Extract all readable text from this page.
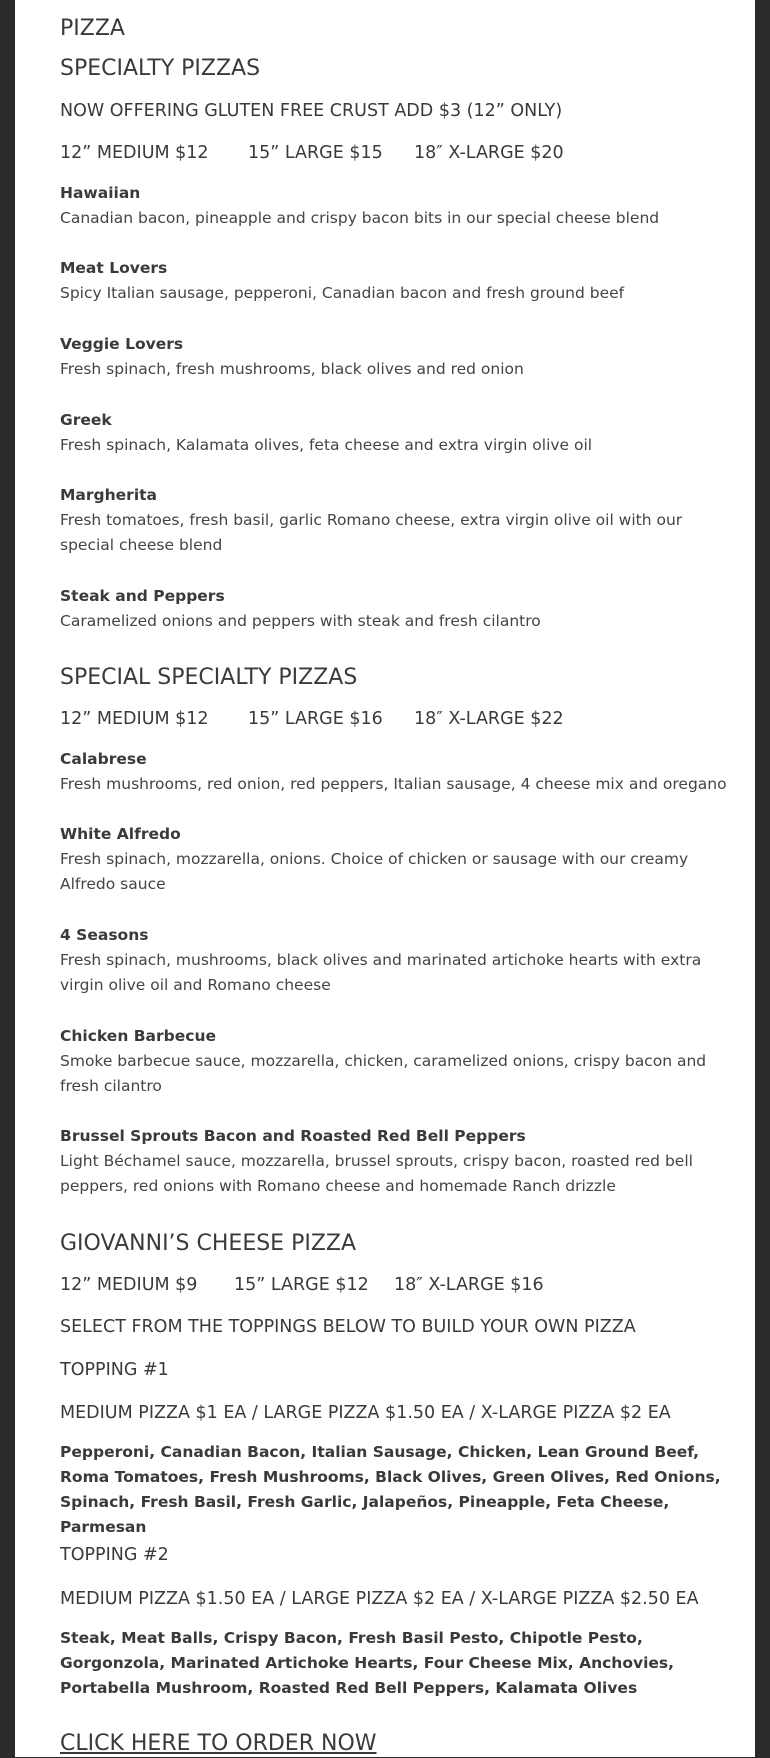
PIZZA
SPECIALTY PIZZAS
NOW OFFERING GLUTEN FREE CRUST ADD $3 (12” ONLY)
12” MEDIUM $12 15” LARGE $15 18″ X-LARGE $20
Hawaiian
Canadian bacon, pineapple and crispy bacon bits in our special cheese blend
Meat Lovers
Spicy Italian sausage, pepperoni, Canadian bacon and fresh ground beef
Veggie Lovers
Fresh spinach, fresh mushrooms, black olives and red onion
Greek
Fresh spinach, Kalamata olives, feta cheese and extra virgin olive oil
Margherita
Fresh tomatoes, fresh basil, garlic Romano cheese, extra virgin olive oil with our special cheese blend
Steak and Peppers
Caramelized onions and peppers with steak and fresh cilantro
SPECIAL SPECIALTY PIZZAS
12” MEDIUM $12 15” LARGE $16 18″ X-LARGE $22
Calabrese
Fresh mushrooms, red onion, red peppers, Italian sausage, 4 cheese mix and oregano
White Alfredo
Fresh spinach, mozzarella, onions. Choice of chicken or sausage with our creamy Alfredo sauce
4 Seasons
Fresh spinach, mushrooms, black olives and marinated artichoke hearts with extra virgin olive oil and Romano cheese
Chicken Barbecue
Smoke barbecue sauce, mozzarella, chicken, caramelized onions, crispy bacon and fresh cilantro
Brussel Sprouts Bacon and Roasted Red Bell Peppers
Light Béchamel sauce, mozzarella, brussel sprouts, crispy bacon, roasted red bell peppers, red onions with Romano cheese and homemade Ranch drizzle
GIOVANNI’S CHEESE PIZZA
12” MEDIUM $9 15” LARGE $12 18″ X-LARGE $16
SELECT FROM THE TOPPINGS BELOW TO BUILD YOUR OWN PIZZA
TOPPING #1
MEDIUM PIZZA $1 EA / LARGE PIZZA $1.50 EA / X-LARGE PIZZA $2 EA
Pepperoni, Canadian Bacon, Italian Sausage, Chicken, Lean Ground Beef, Roma Tomatoes, Fresh Mushrooms, Black Olives, Green Olives, Red Onions, Spinach, Fresh Basil, Fresh Garlic, Jalapeños, Pineapple, Feta Cheese, Parmesan
TOPPING #2
MEDIUM PIZZA $1.50 EA / LARGE PIZZA $2 EA / X-LARGE PIZZA $2.50 EA
Steak, Meat Balls, Crispy Bacon, Fresh Basil Pesto, Chipotle Pesto, Gorgonzola, Marinated Artichoke Hearts, Four Cheese Mix, Anchovies, Portabella Mushroom, Roasted Red Bell Peppers, Kalamata Olives
CLICK HERE TO ORDER NOW
